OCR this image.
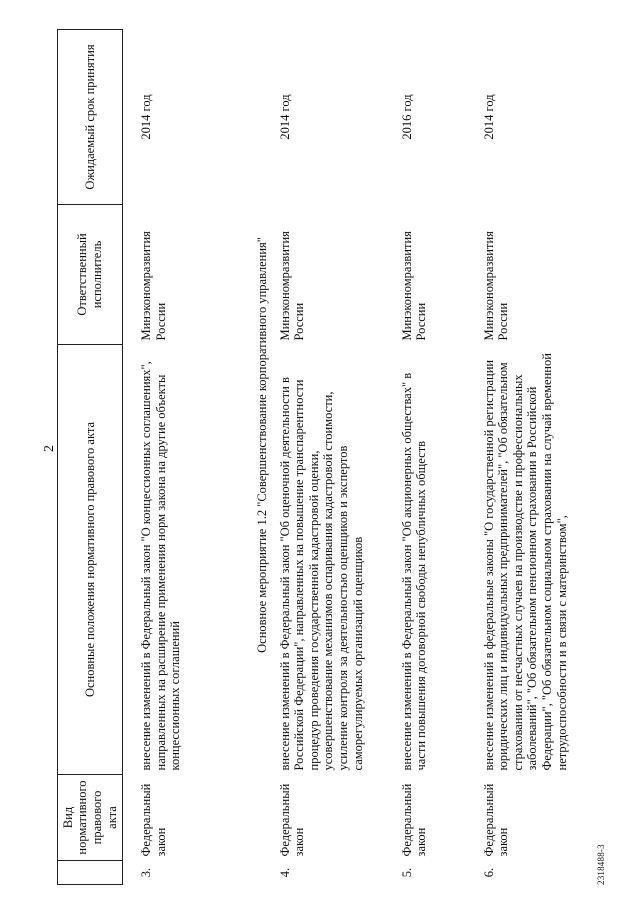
2
2318488-3
	Вид нормативного правового акта	Основные положения нормативного правового акта	Ответственный исполнитель	Ожидаемый срок принятия

3.	Федеральный закон	внесение изменений в Федеральный закон "О концессионных соглашениях", направленных на расширение применения норм закона на другие объекты концессионных соглашений	Минэкономразвития России	2014 год
	Основное мероприятие 1.2 "Совершенствование корпоративного управления"			
4.	Федеральный закон	внесение изменений в Федеральный закон "Об оценочной деятельности в Российской Федерации", направленных на повышение транспарентности процедур проведения государственной кадастровой оценки, усовершенствование механизмов оспаривания кадастровой стоимости, усиление контроля за деятельностью оценщиков и экспертов саморегулируемых организаций оценщиков	Минэкономразвития России	2014 год
5.	Федеральный закон	внесение изменений в Федеральный закон "Об акционерных обществах" в части повышения договорной свободы непубличных обществ	Минэкономразвития России	2016 год
6.	Федеральный закон	внесение изменений в федеральные законы "О государственной регистрации юридических лиц и индивидуальных предпринимателей", "Об обязательном страховании от несчастных случаев на производстве и профессиональных заболеваний", "Об обязательном пенсионном страховании в Российской Федерации", "Об обязательном социальном страховании на случай временной нетрудоспособности и в связи с материнством",	Минэкономразвития России	2014 год
